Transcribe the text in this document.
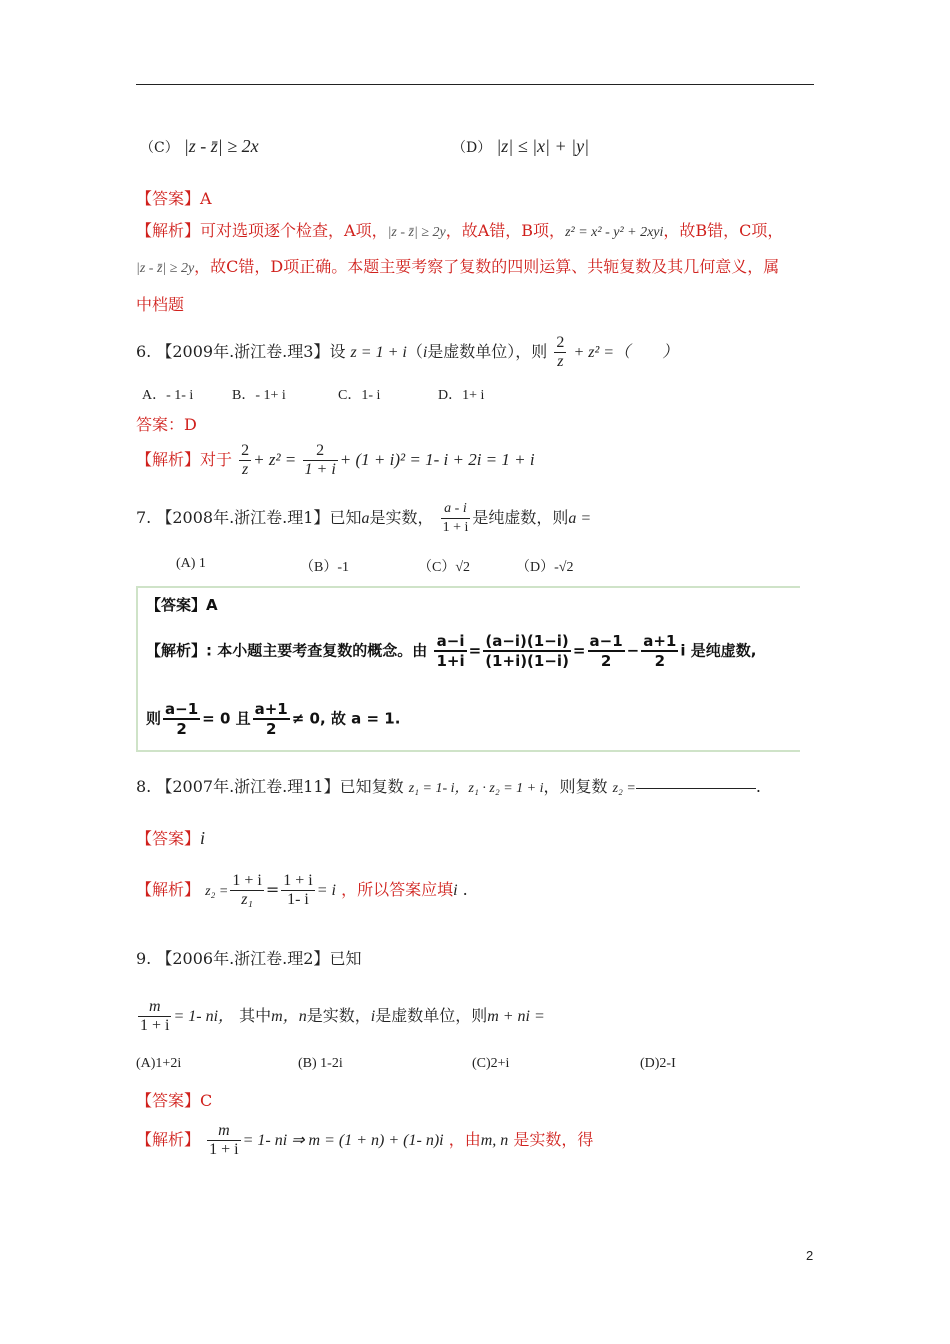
（C） |z - z̄| ≥ 2x	（D） |z| ≤ |x| + |y|
【答案】A
【解析】可对选项逐个检查，A项，|z - z̄| ≥ 2y，故A错，B项，z² = x² - y² + 2xyi，故B错，C项，
|z - z̄| ≥ 2y，故C错，D项正确。本题主要考察了复数的四则运算、共轭复数及其几何意义，属
中档题
6. 【2009年.浙江卷.理3】设 z = 1 + i（i是虚数单位），则 $\frac{2}{z} + z^2$ =（　　）
A．- 1- i	B．- 1+ i	C．1- i	D．1+ i
答案：D
【解析】对于 $\frac{2}{z} + z^2 = \frac{2}{1 + i} + (1 + i)^2 = 1-$ i + 2i = 1 + i
7. 【2008年.浙江卷.理1】已知a是实数， $\frac{a - i}{1 + i}$ 是纯虚数，则a =
(A) 1	（B）-1	（C）√2	（D）-√2
【答案】A
【解析】: 本小题主要考查复数的概念。由 $\frac{a-i}{1+i} = \frac{(a-i)(1-i)}{(1+i)(1-i)} = \frac{a-1}{2} - \frac{a+1}{2}$ i 是纯虚数,
则 $\frac{a-1}{2} = 0$ 且 $\frac{a+1}{2} \ne 0$, 故 a = 1.
8. 【2007年.浙江卷.理11】已知复数 z₁ = 1- i，z₁ · z₂ = 1 + i，则复数 z₂ =	.
【答案】i
【解析】 $z_2 = \frac{1 + i}{\text{z₁}} = \frac{1 + i}{1- i} = i$ ，所以答案应填i .
9. 【2006年.浙江卷.理2】已知
$\frac{m}{1 + i} = 1-$ ni， 其中m，n是实数，i是虚数单位，则m + ni =
(A)1+2i	(B) 1-2i	(C)2+i	(D)2-I
【答案】C
【解析】 $\frac{m}{1 + i} = 1-$ ni ⇒ m = (1 + n) + (1- n)i ，由m, n 是实数，得
2
